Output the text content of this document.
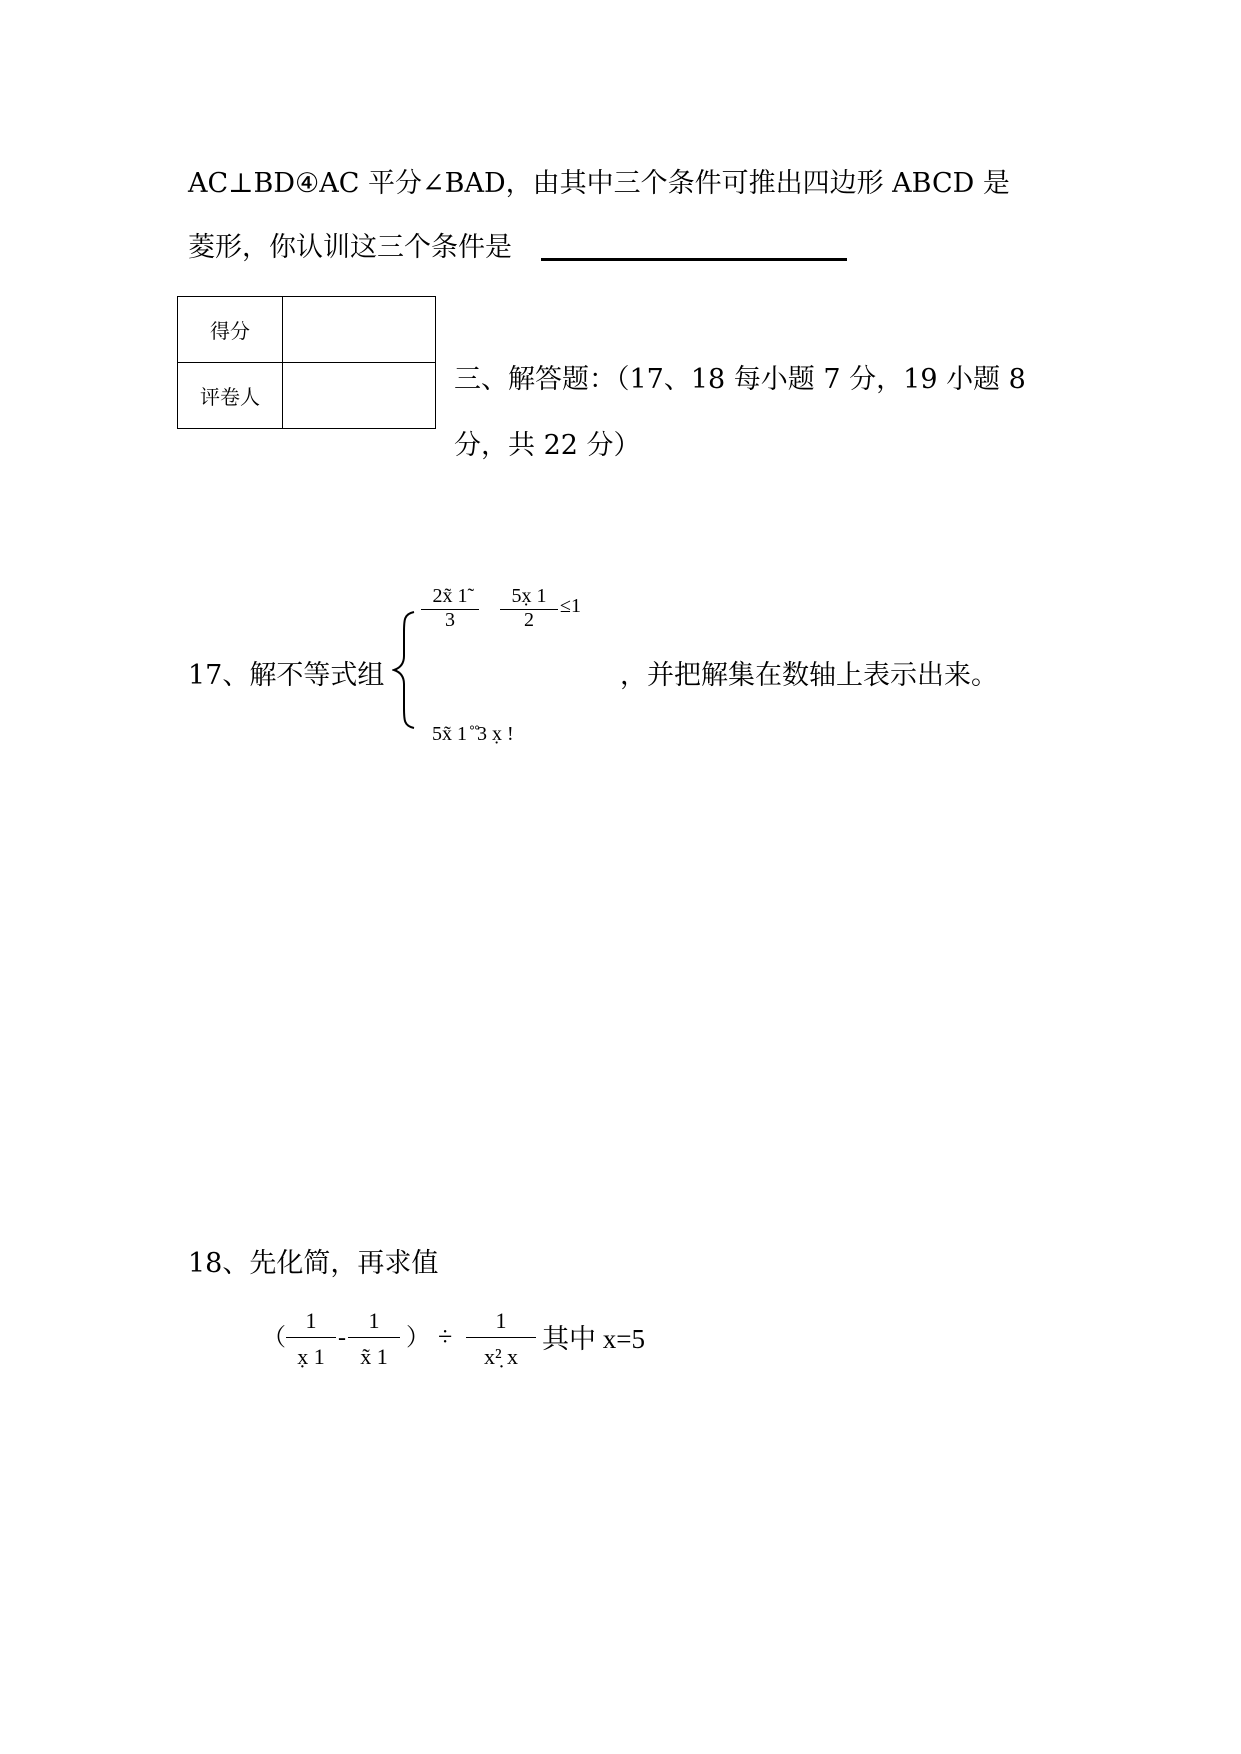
AC⊥BD④AC 平分∠BAD，由其中三个条件可推出四边形 ABCD 是
菱形，你认训这三个条件是
得分	
评卷人	
三、解答题：（17、18 每小题 7 分，19 小题 8
分，共 22 分）
17、解不等式组
2x̃ 1̃
3
5x̣ 1
2
≤1
5x̃ 1 ̊ ̊3 x̣ !
，并把解集在数轴上表示出来。
18、先化简，再求值
（
1
x̣ 1
-
1
x̃ 1
） ÷
1
x²̣ x
其中 x=5
